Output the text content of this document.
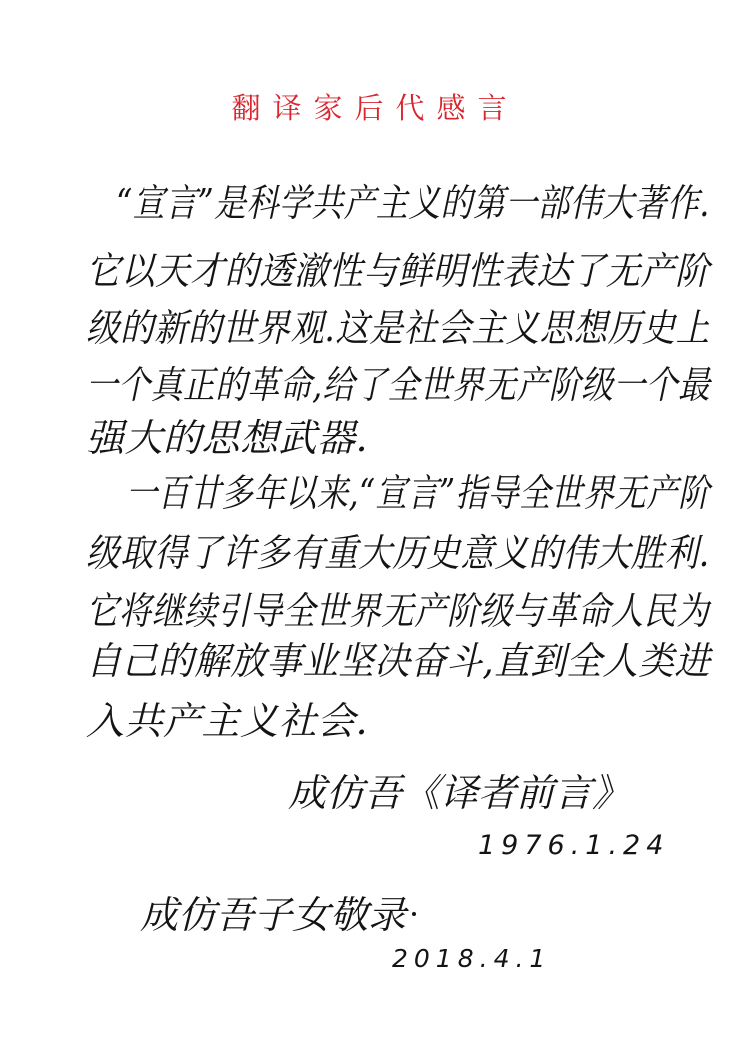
翻译家后代感言
“宣言”是科学共产主义的第一部伟大著作.
它以天才的透澈性与鲜明性表达了无产阶
级的新的世界观.这是社会主义思想历史上
一个真正的革命,给了全世界无产阶级一个最
强大的思想武器.
一百廿多年以来,“宣言”指导全世界无产阶
级取得了许多有重大历史意义的伟大胜利.
它将继续引导全世界无产阶级与革命人民为
自己的解放事业坚决奋斗,直到全人类进
入共产主义社会.
成仿吾《译者前言》
1976.1.24
成仿吾子女敬录
2018.4.1
